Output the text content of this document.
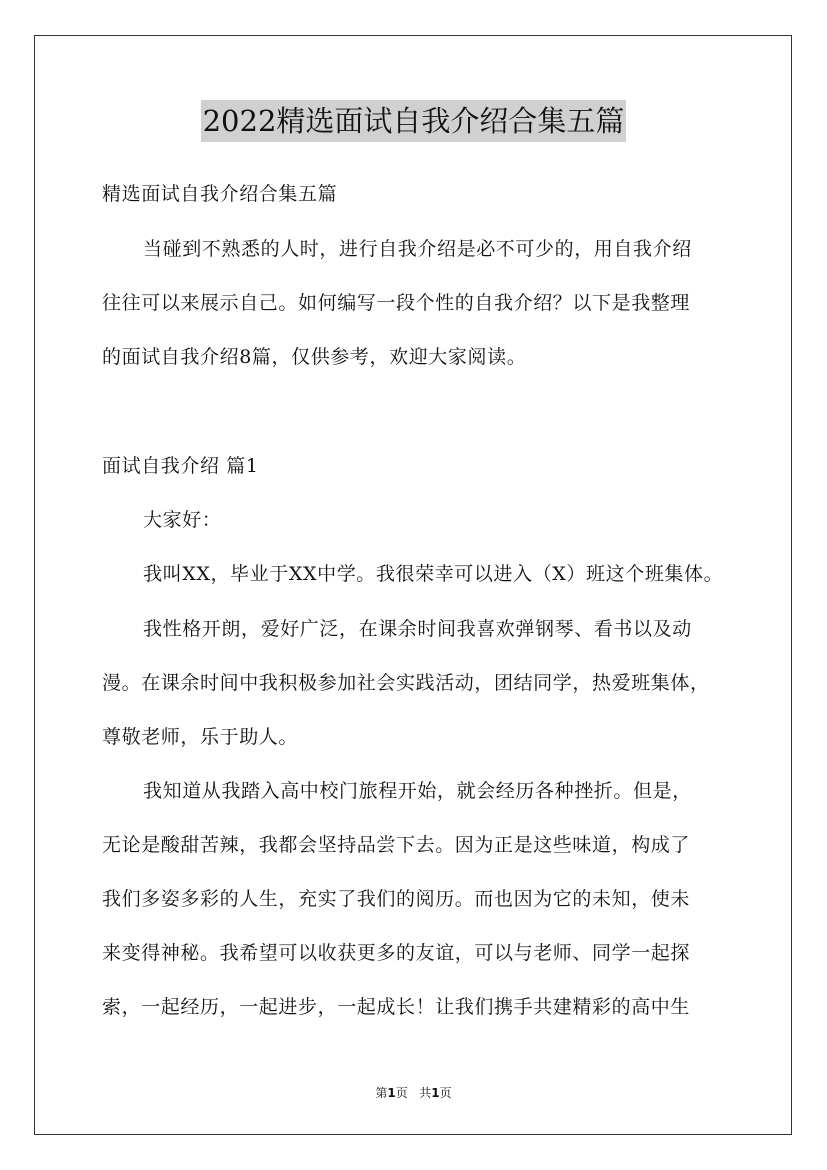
2022精选面试自我介绍合集五篇
精选面试自我介绍合集五篇
当碰到不熟悉的人时，进行自我介绍是必不可少的，用自我介绍
往往可以来展示自己。如何编写一段个性的自我介绍？以下是我整理
的面试自我介绍8篇，仅供参考，欢迎大家阅读。
面试自我介绍 篇1
大家好：
我叫XX，毕业于XX中学。我很荣幸可以进入（X）班这个班集体。
我性格开朗，爱好广泛，在课余时间我喜欢弹钢琴、看书以及动
漫。在课余时间中我积极参加社会实践活动，团结同学，热爱班集体，
尊敬老师，乐于助人。
我知道从我踏入高中校门旅程开始，就会经历各种挫折。但是，
无论是酸甜苦辣，我都会坚持品尝下去。因为正是这些味道，构成了
我们多姿多彩的人生，充实了我们的阅历。而也因为它的未知，使未
来变得神秘。我希望可以收获更多的友谊，可以与老师、同学一起探
索，一起经历，一起进步，一起成长！让我们携手共建精彩的高中生
第1页 共1页
